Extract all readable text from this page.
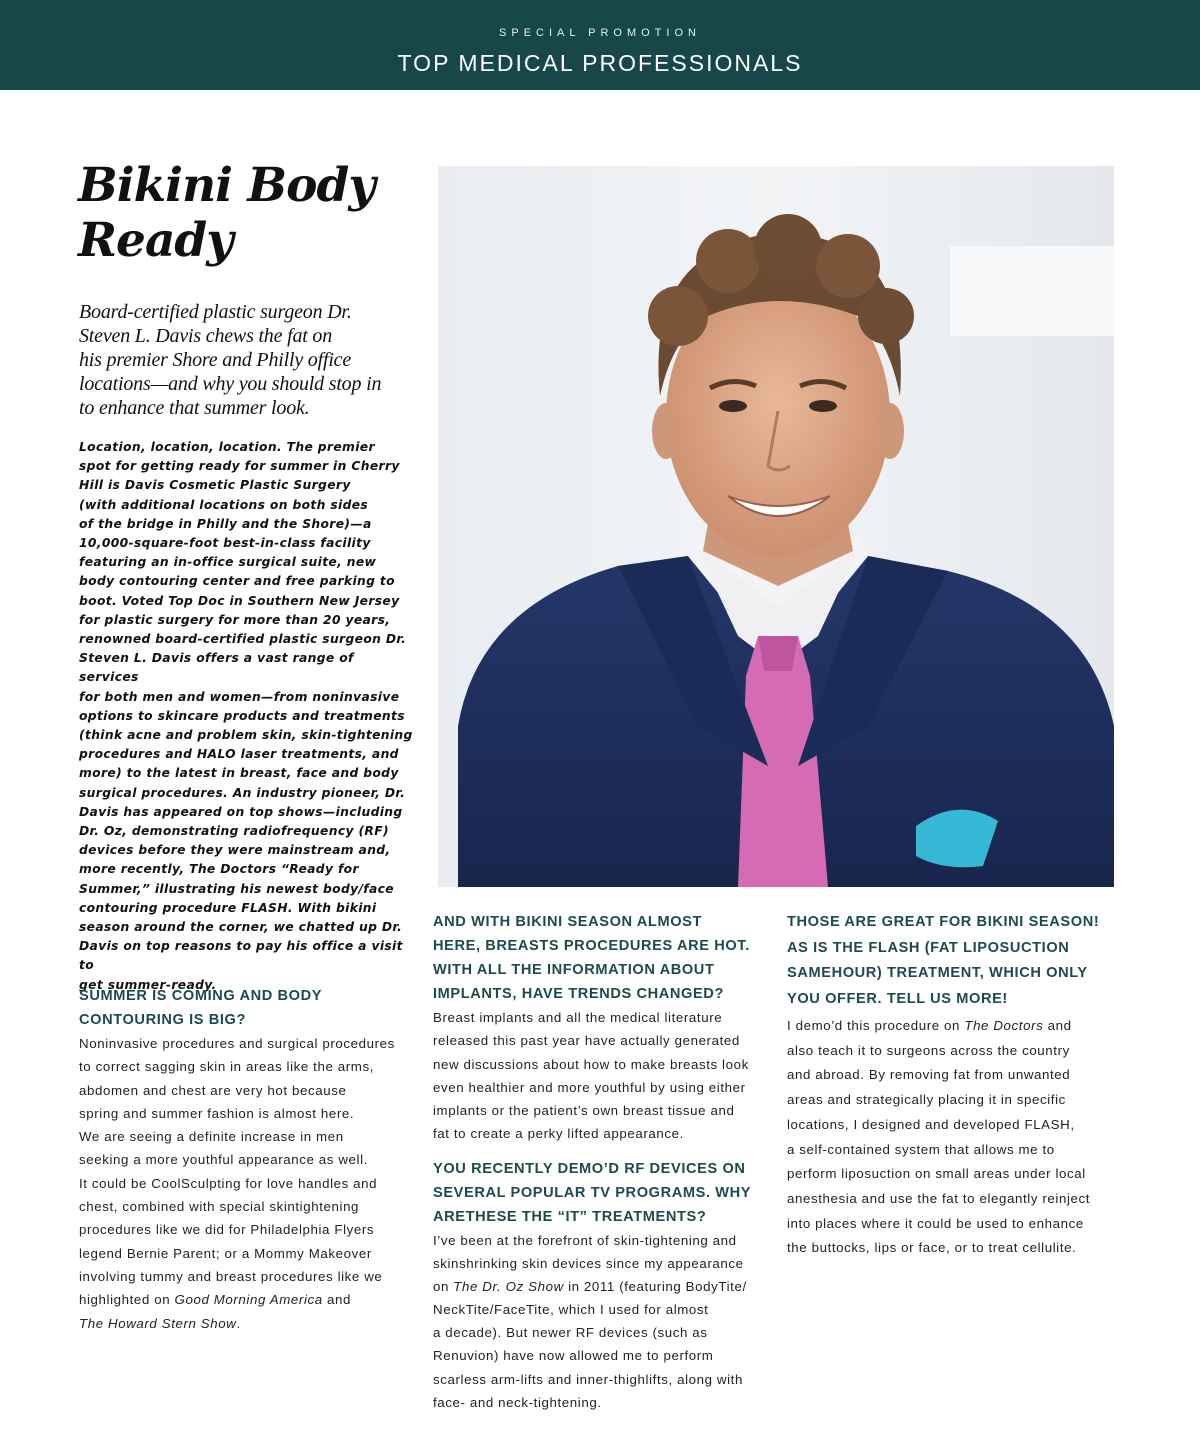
SPECIAL PROMOTION
TOP MEDICAL PROFESSIONALS
Bikini Body
Ready
Board-certified plastic surgeon Dr.
Steven L. Davis chews the fat on
his premier Shore and Philly office
locations—and why you should stop in
to enhance that summer look.
Location, location, location. The premier
spot for getting ready for summer in Cherry
Hill is Davis Cosmetic Plastic Surgery
(with additional locations on both sides
of the bridge in Philly and the Shore)—a
10,000-square-foot best-in-class facility
featuring an in-office surgical suite, new
body contouring center and free parking to
boot. Voted Top Doc in Southern New Jersey
for plastic surgery for more than 20 years,
renowned board-certified plastic surgeon Dr.
Steven L. Davis offers a vast range of services
for both men and women—from noninvasive
options to skincare products and treatments
(think acne and problem skin, skin-tightening
procedures and HALO laser treatments, and
more) to the latest in breast, face and body
surgical procedures. An industry pioneer, Dr.
Davis has appeared on top shows—including
Dr. Oz, demonstrating radiofrequency (RF)
devices before they were mainstream and,
more recently, The Doctors “Ready for
Summer,” illustrating his newest body/face
contouring procedure FLASH. With bikini
season around the corner, we chatted up Dr.
Davis on top reasons to pay his office a visit to
get summer-ready.

SUMMER IS COMING AND BODY
CONTOURING IS BIG?

Noninvasive procedures and surgical procedures
to correct sagging skin in areas like the arms,
abdomen and chest are very hot because
spring and summer fashion is almost here.
We are seeing a definite increase in men
seeking a more youthful appearance as well.
It could be CoolSculpting for love handles and
chest, combined with special skintightening
procedures like we did for Philadelphia Flyers
legend Bernie Parent; or a Mommy Makeover
involving tummy and breast procedures like we
highlighted on Good Morning America and
The Howard Stern Show.

AND WITH BIKINI SEASON ALMOST
HERE, BREASTS PROCEDURES ARE HOT.
WITH ALL THE INFORMATION ABOUT
IMPLANTS, HAVE TRENDS CHANGED?

Breast implants and all the medical literature
released this past year have actually generated
new discussions about how to make breasts look
even healthier and more youthful by using either
implants or the patient’s own breast tissue and
fat to create a perky lifted appearance.

YOU RECENTLY DEMO’D RF DEVICES ON
SEVERAL POPULAR TV PROGRAMS. WHY
ARETHESE THE “IT” TREATMENTS?

I’ve been at the forefront of skin-tightening and
skinshrinking skin devices since my appearance
on The Dr. Oz Show in 2011 (featuring BodyTite/
NeckTite/FaceTite, which I used for almost
a decade). But newer RF devices (such as
Renuvion) have now allowed me to perform
scarless arm-lifts and inner-thighlifts, along with
face- and neck-tightening.

THOSE ARE GREAT FOR BIKINI SEASON!
AS IS THE FLASH (FAT LIPOSUCTION
SAMEHOUR) TREATMENT, WHICH ONLY
YOU OFFER. TELL US MORE!

I demo’d this procedure on The Doctors and
also teach it to surgeons across the country
and abroad. By removing fat from unwanted
areas and strategically placing it in specific
locations, I designed and developed FLASH,
a self-contained system that allows me to
perform liposuction on small areas under local
anesthesia and use the fat to elegantly reinject
into places where it could be used to enhance
the buttocks, lips or face, or to treat cellulite.
